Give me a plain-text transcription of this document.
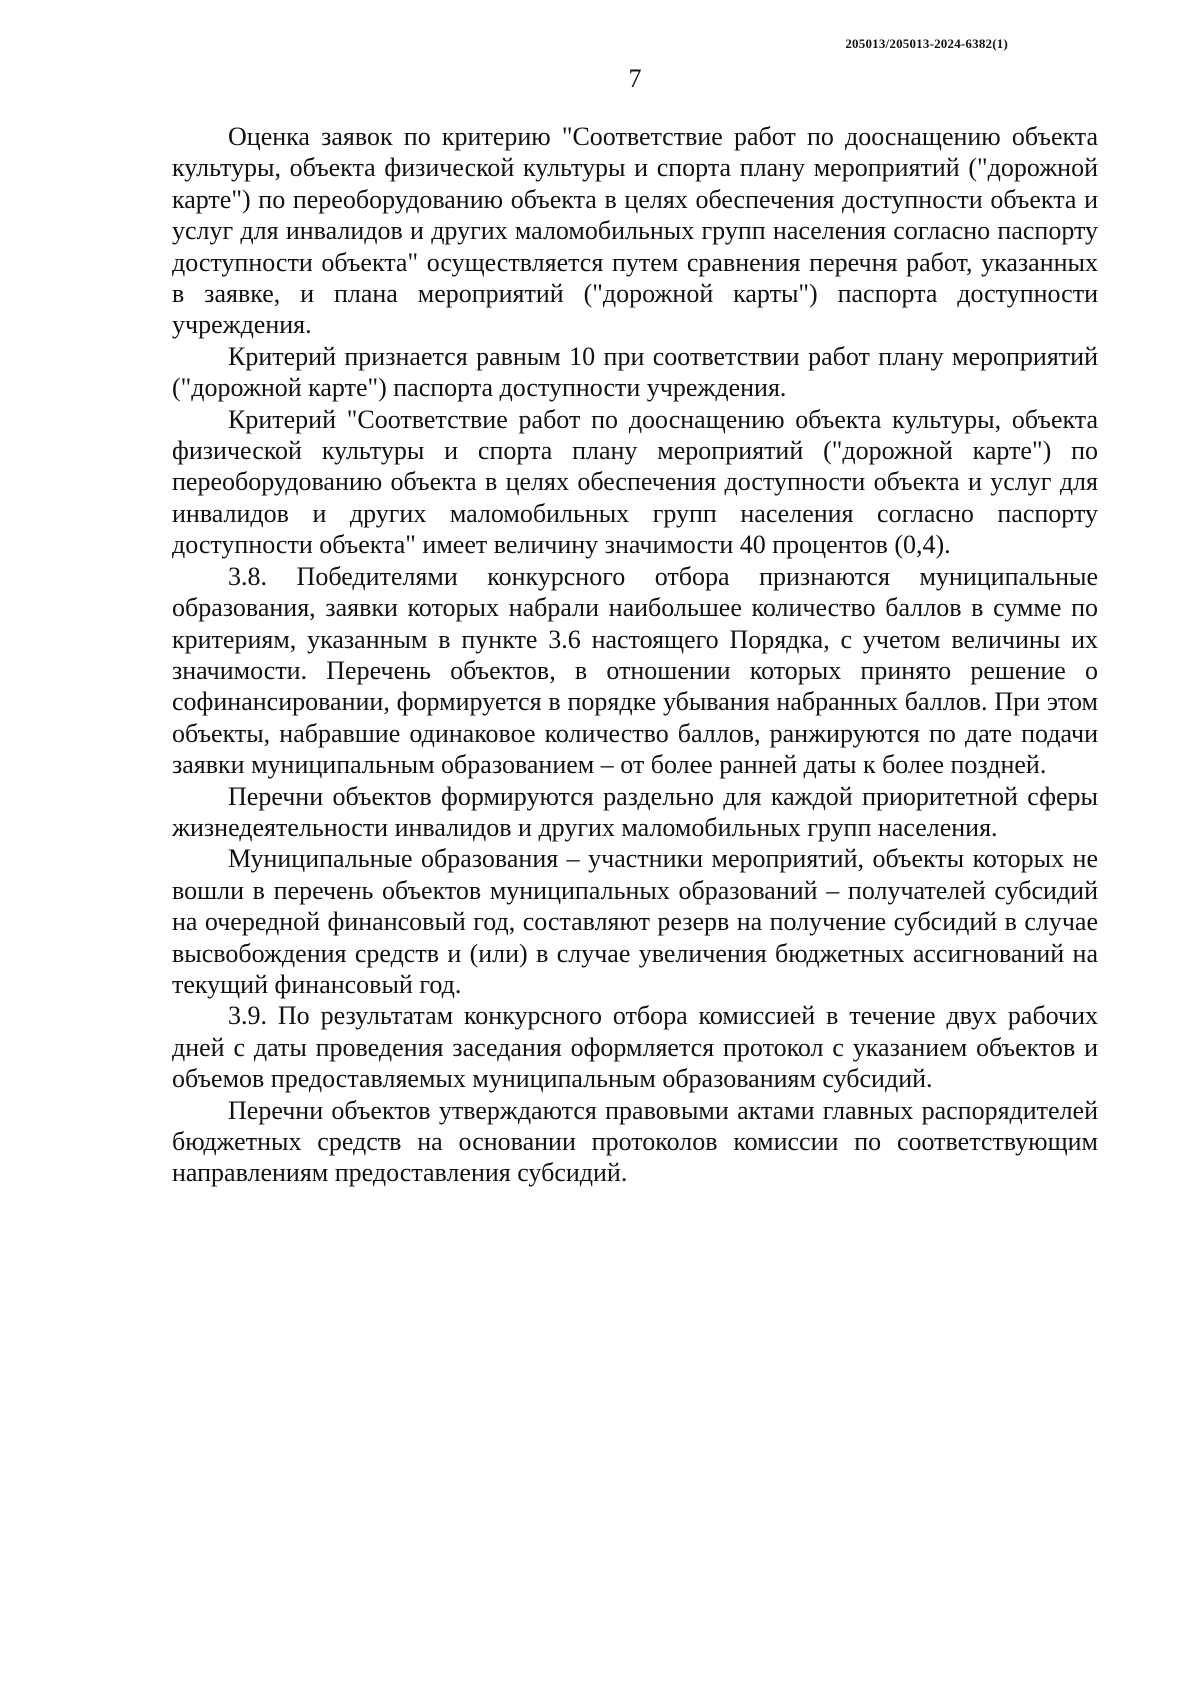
205013/205013-2024-6382(1)
7

Оценка заявок по критерию "Соответствие работ по дооснащению объекта культуры, объекта физической культуры и спорта плану мероприятий ("дорожной карте") по переоборудованию объекта в целях обеспечения доступности объекта и услуг для инвалидов и других маломобильных групп населения согласно паспорту доступности объекта" осуществляется путем сравнения перечня работ, указанных в заявке, и плана мероприятий ("дорожной карты") паспорта доступности учреждения.

Критерий признается равным 10 при соответствии работ плану мероприятий ("дорожной карте") паспорта доступности учреждения.

Критерий "Соответствие работ по дооснащению объекта культуры, объекта физической культуры и спорта плану мероприятий ("дорожной карте") по переоборудованию объекта в целях обеспечения доступности объекта и услуг для инвалидов и других маломобильных групп населения согласно паспорту доступности объекта" имеет величину значимости 40 процентов (0,4).

3.8. Победителями конкурсного отбора признаются муниципальные образования, заявки которых набрали наибольшее количество баллов в сумме по критериям, указанным в пункте 3.6 настоящего Порядка, с учетом величины их значимости. Перечень объектов, в отношении которых принято решение о софинансировании, формируется в порядке убывания набранных баллов. При этом объекты, набравшие одинаковое количество баллов, ранжируются по дате подачи заявки муниципальным образованием – от более ранней даты к более поздней.

Перечни объектов формируются раздельно для каждой приоритетной сферы жизнедеятельности инвалидов и других маломобильных групп населения.

Муниципальные образования – участники мероприятий, объекты которых не вошли в перечень объектов муниципальных образований – получателей субсидий на очередной финансовый год, составляют резерв на получение субсидий в случае высвобождения средств и (или) в случае увеличения бюджетных ассигнований на текущий финансовый год.

3.9. По результатам конкурсного отбора комиссией в течение двух рабочих дней с даты проведения заседания оформляется протокол с указанием объектов и объемов предоставляемых муниципальным образованиям субсидий.

Перечни объектов утверждаются правовыми актами главных распорядителей бюджетных средств на основании протоколов комиссии по соответствующим направлениям предоставления субсидий.
